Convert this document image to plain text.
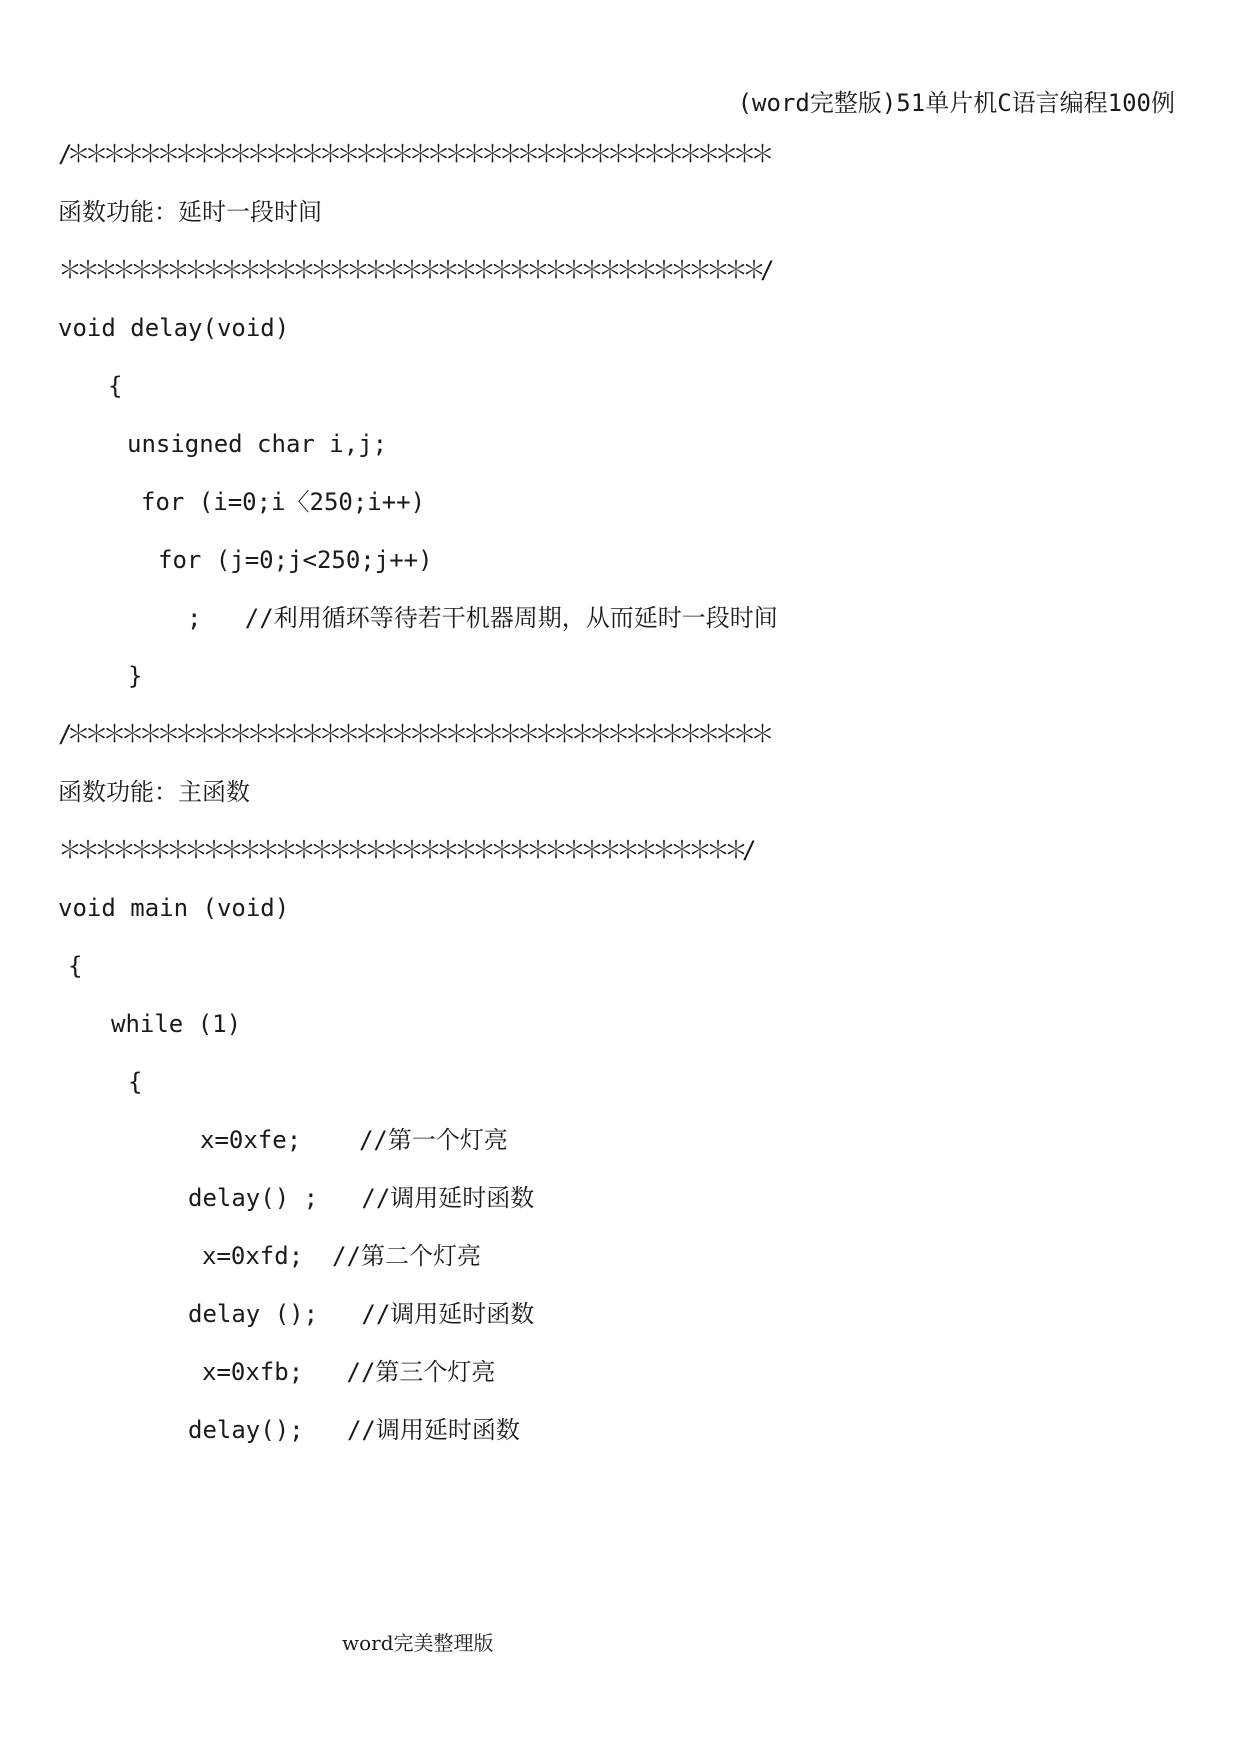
(word完整版)51单片机C语言编程100例
/＊＊＊＊＊＊＊＊＊＊＊＊＊＊＊＊＊＊＊＊＊＊＊＊＊＊＊＊＊＊＊＊＊＊＊＊＊＊＊
函数功能：延时一段时间
＊＊＊＊＊＊＊＊＊＊＊＊＊＊＊＊＊＊＊＊＊＊＊＊＊＊＊＊＊＊＊＊＊＊＊＊＊＊＊/
void delay(void)
{
unsigned char i,j;
for (i=0;i〈250;i++)
for (j=0;j<250;j++)
;   //利用循环等待若干机器周期，从而延时一段时间
}
/＊＊＊＊＊＊＊＊＊＊＊＊＊＊＊＊＊＊＊＊＊＊＊＊＊＊＊＊＊＊＊＊＊＊＊＊＊＊＊
函数功能：主函数
＊＊＊＊＊＊＊＊＊＊＊＊＊＊＊＊＊＊＊＊＊＊＊＊＊＊＊＊＊＊＊＊＊＊＊＊＊＊/
void main (void)
{
while (1)
{
x=0xfe;    //第一个灯亮
delay() ;   //调用延时函数
x=0xfd;  //第二个灯亮
delay ();   //调用延时函数
x=0xfb;   //第三个灯亮
delay();   //调用延时函数
word完美整理版
